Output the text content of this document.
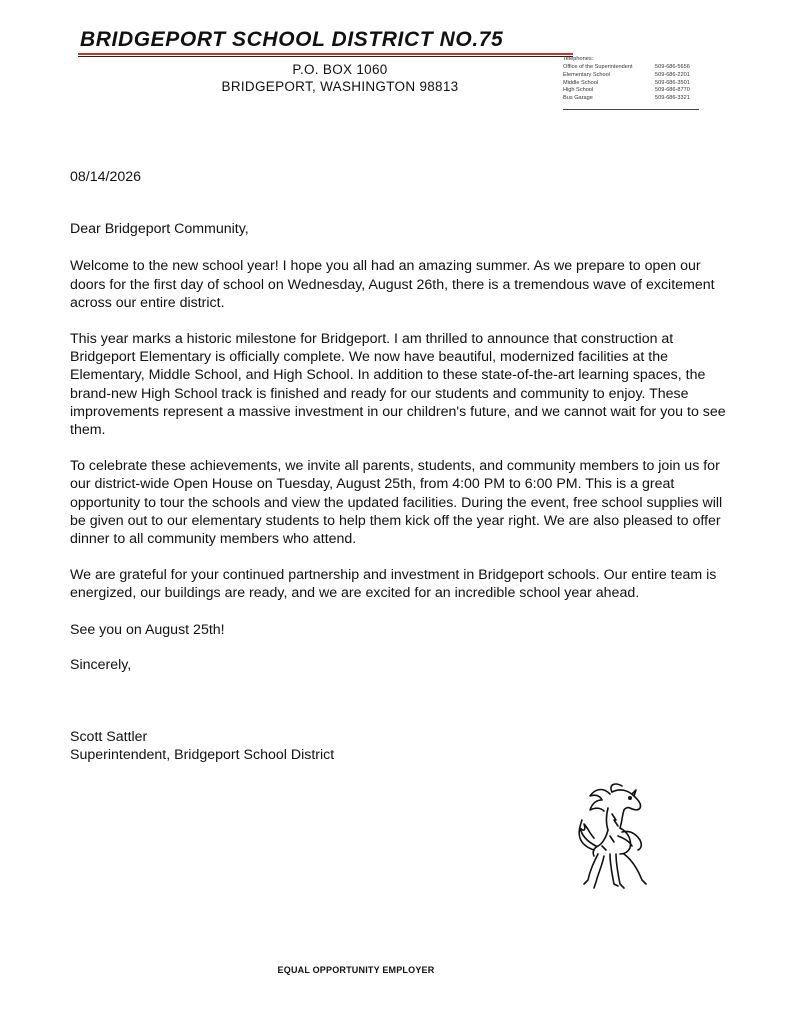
BRIDGEPORT SCHOOL DISTRICT NO.75
P.O. BOX 1060
BRIDGEPORT, WASHINGTON 98813
Telephones:
Office of the Superintendent	509-686-5656
Elementary School	509-686-2201
Middle School	509-686-3501
High School	509-686-8770
Bus Garage	509-686-3321

08/14/2026

Dear Bridgeport Community,

Welcome to the new school year! I hope you all had an amazing summer. As we prepare to open our doors for the first day of school on Wednesday, August 26th, there is a tremendous wave of excitement across our entire district.

This year marks a historic milestone for Bridgeport. I am thrilled to announce that construction at Bridgeport Elementary is officially complete. We now have beautiful, modernized facilities at the Elementary, Middle School, and High School. In addition to these state-of-the-art learning spaces, the brand-new High School track is finished and ready for our students and community to enjoy. These improvements represent a massive investment in our children's future, and we cannot wait for you to see them.

To celebrate these achievements, we invite all parents, students, and community members to join us for our district-wide Open House on Tuesday, August 25th, from 4:00 PM to 6:00 PM. This is a great opportunity to tour the schools and view the updated facilities. During the event, free school supplies will be given out to our elementary students to help them kick off the year right. We are also pleased to offer dinner to all community members who attend.

We are grateful for your continued partnership and investment in Bridgeport schools. Our entire team is energized, our buildings are ready, and we are excited for an incredible school year ahead.

See you on August 25th!

Sincerely,

Scott Sattler

Superintendent, Bridgeport School District

EQUAL OPPORTUNITY EMPLOYER
